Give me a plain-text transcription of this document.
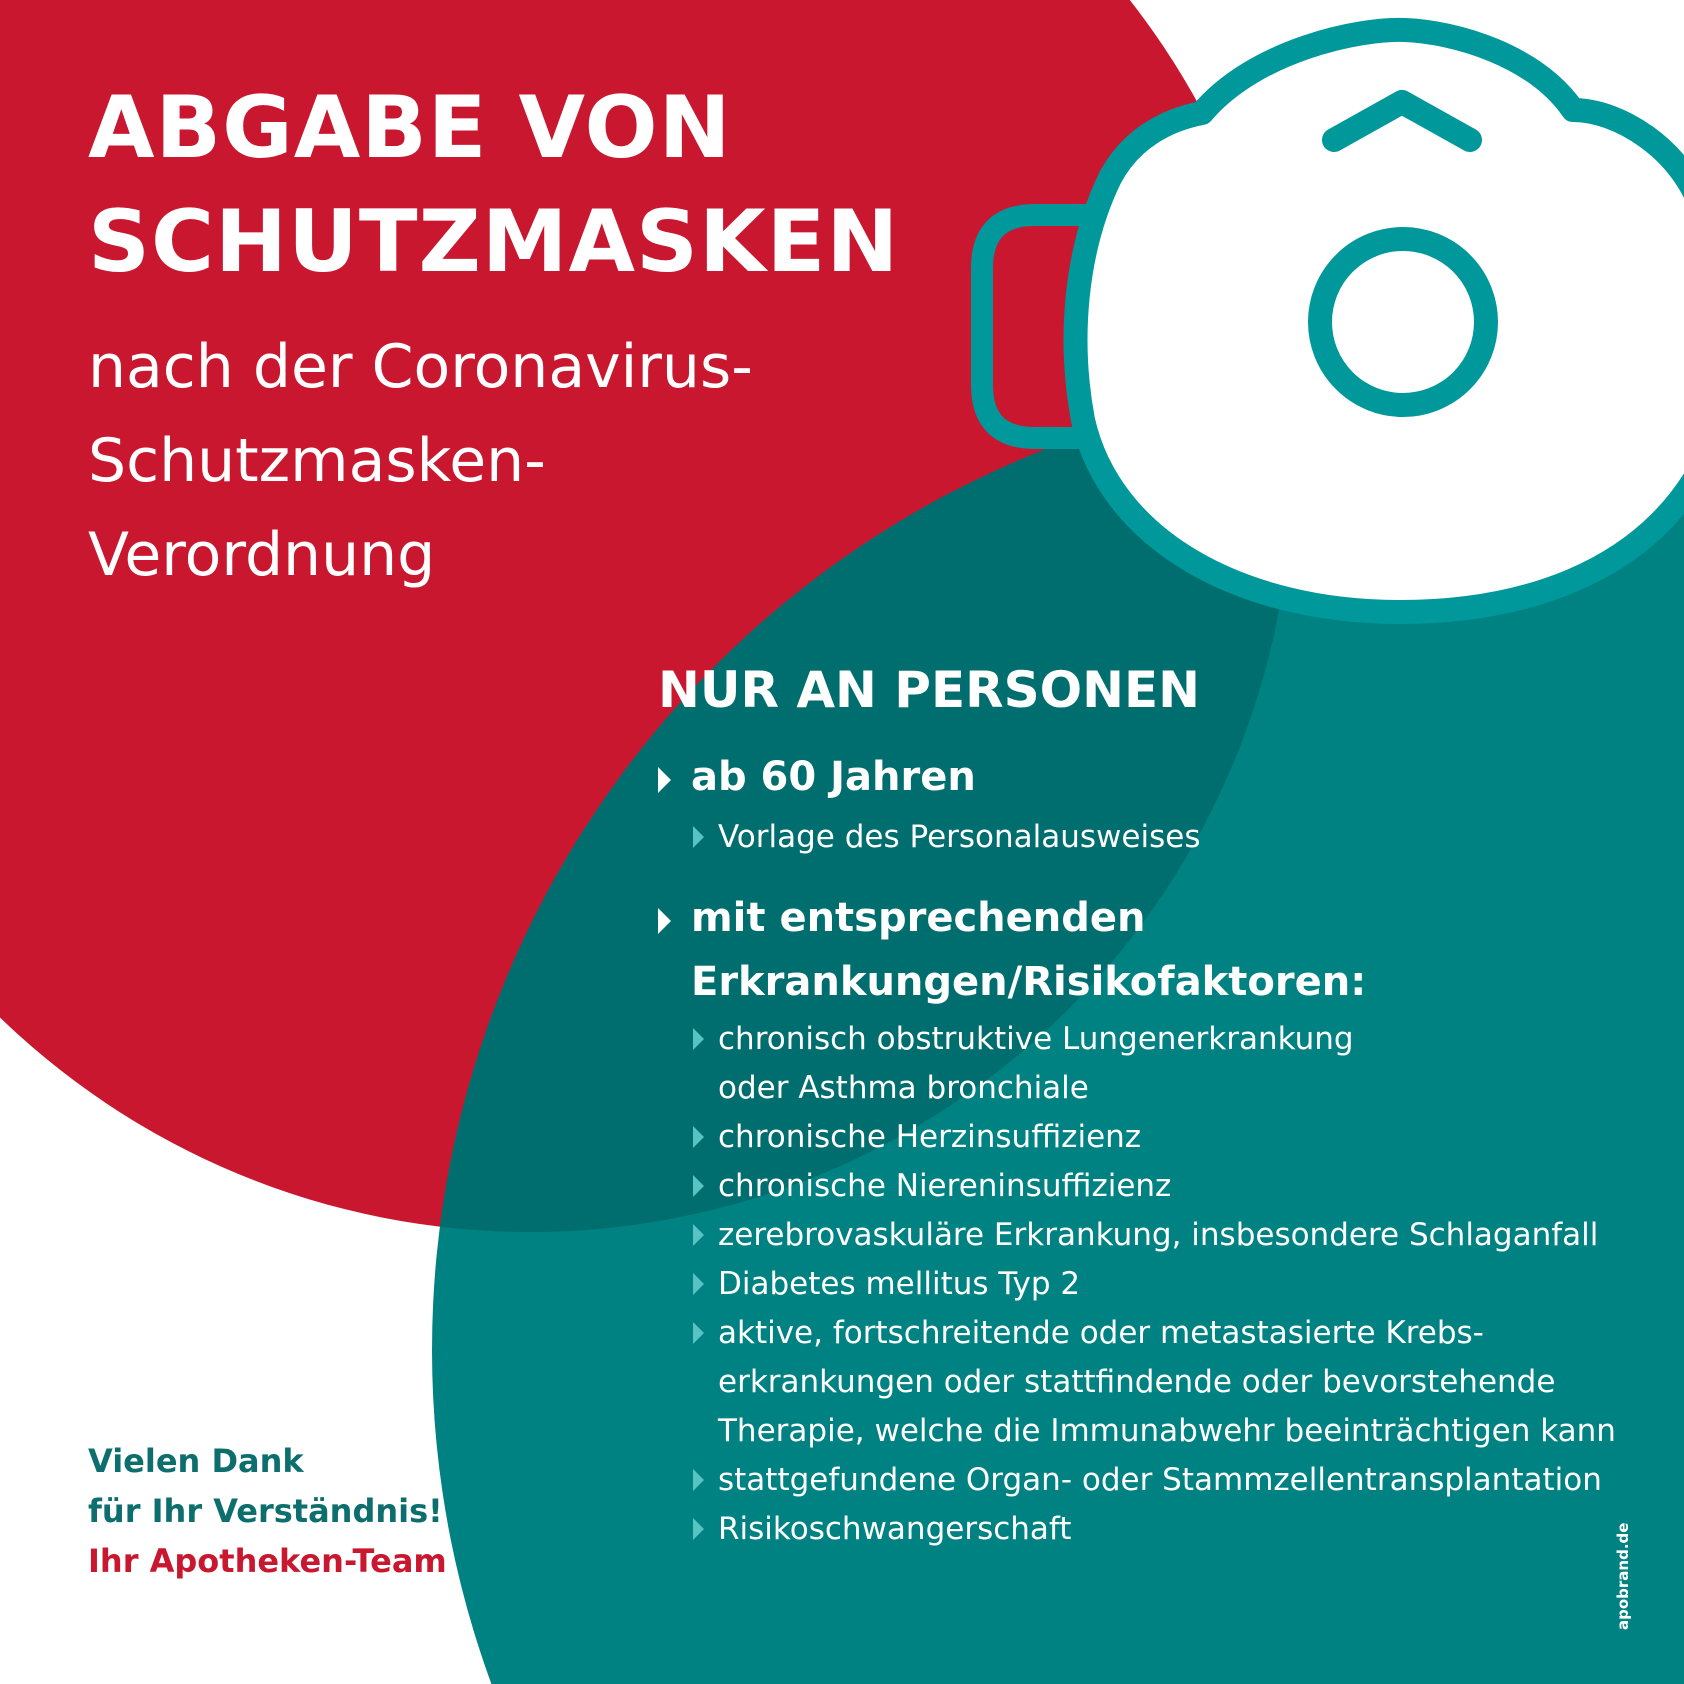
ABGABE VON
SCHUTZMASKEN
nach der Coronavirus-
Schutzmasken-
Verordnung
NUR AN PERSONEN
ab 60 Jahren
Vorlage des Personalausweises
mit entsprechenden
Erkrankungen/Risikofaktoren:
chronisch obstruktive Lungenerkrankung
oder Asthma bronchiale
chronische Herzinsuffizienz
chronische Niereninsuffizienz
zerebrovaskuläre Erkrankung, insbesondere Schlaganfall
Diabetes mellitus Typ 2
aktive, fortschreitende oder metastasierte Krebs-
erkrankungen oder stattfindende oder bevorstehende
Therapie, welche die Immunabwehr beeinträchtigen kann
stattgefundene Organ- oder Stammzellentransplantation
Risikoschwangerschaft
Vielen Dank
für Ihr Verständnis!
Ihr Apotheken-Team	apobrand.de
